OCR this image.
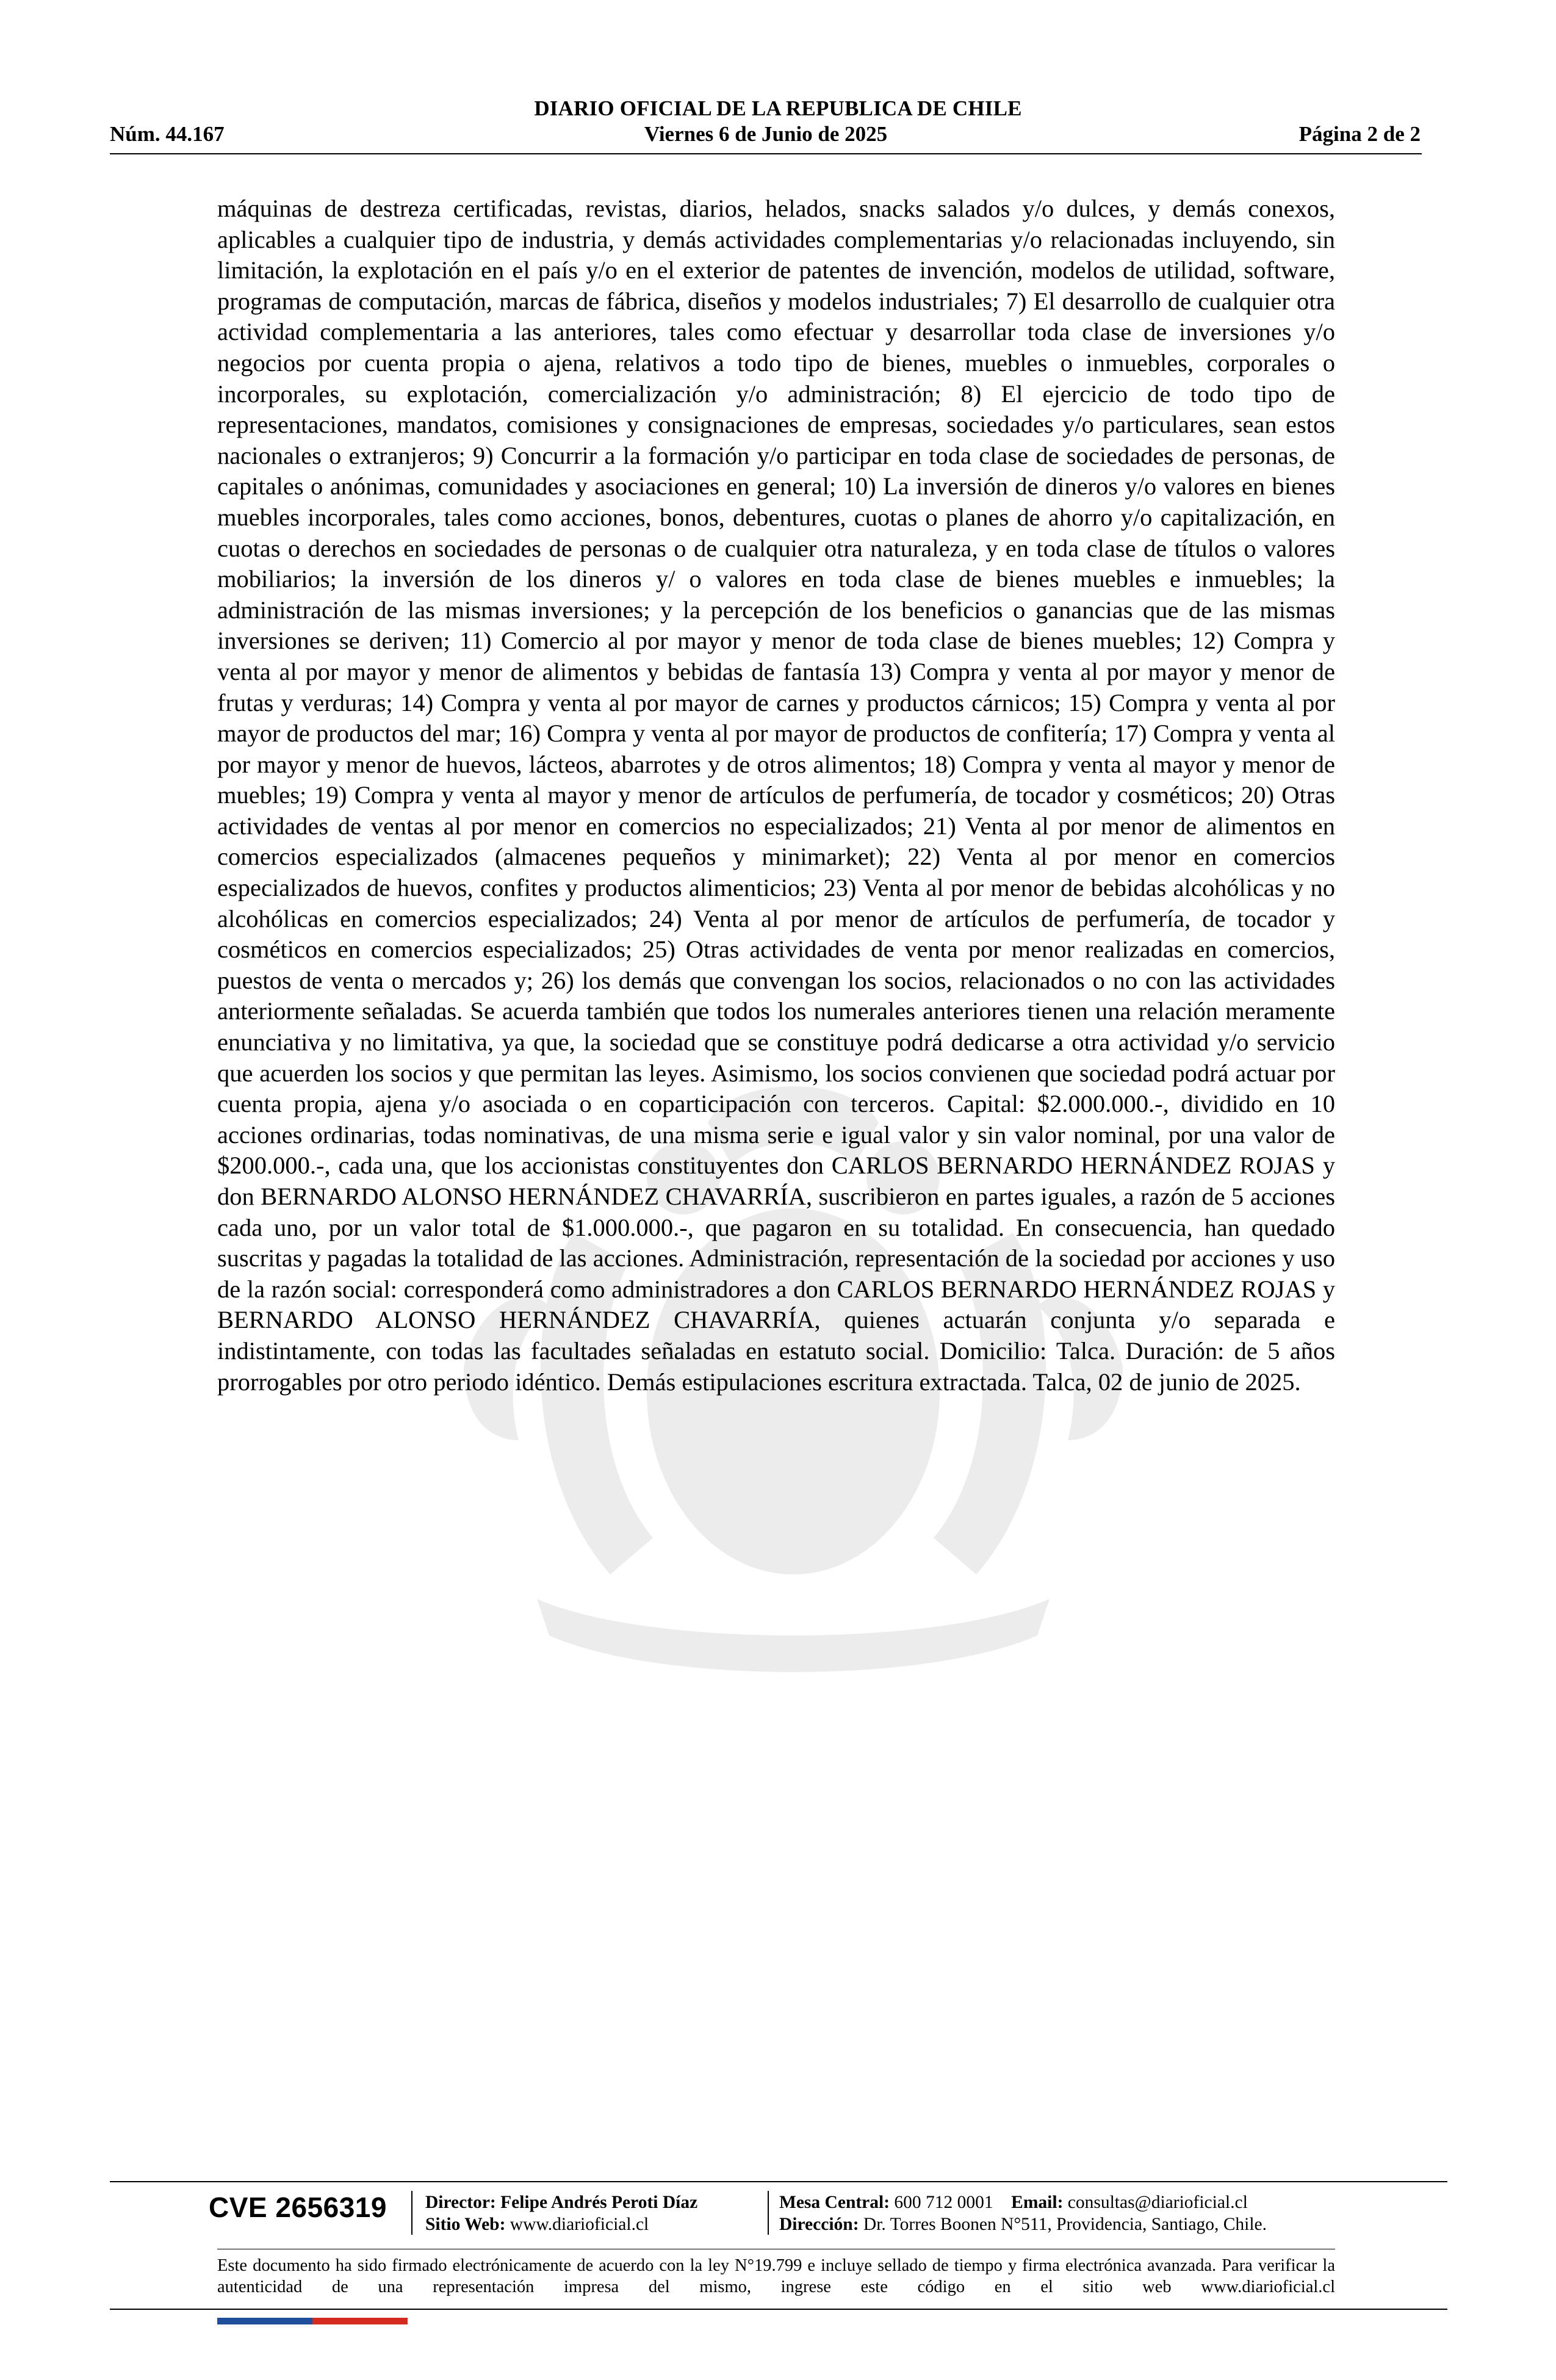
DIARIO OFICIAL DE LA REPUBLICA DE CHILE
Núm. 44.167	Viernes 6 de Junio de 2025	Página 2 de 2
máquinas de destreza certificadas, revistas, diarios, helados, snacks salados y/o dulces, y demás conexos, aplicables a cualquier tipo de industria, y demás actividades complementarias y/o relacionadas incluyendo, sin limitación, la explotación en el país y/o en el exterior de patentes de invención, modelos de utilidad, software, programas de computación, marcas de fábrica, diseños y modelos industriales; 7) El desarrollo de cualquier otra actividad complementaria a las anteriores, tales como efectuar y desarrollar toda clase de inversiones y/o negocios por cuenta propia o ajena, relativos a todo tipo de bienes, muebles o inmuebles, corporales o incorporales, su explotación, comercialización y/o administración; 8) El ejercicio de todo tipo de representaciones, mandatos, comisiones y consignaciones de empresas, sociedades y/o particulares, sean estos nacionales o extranjeros; 9) Concurrir a la formación y/o participar en toda clase de sociedades de personas, de capitales o anónimas, comunidades y asociaciones en general; 10) La inversión de dineros y/o valores en bienes muebles incorporales, tales como acciones, bonos, debentures, cuotas o planes de ahorro y/o capitalización, en cuotas o derechos en sociedades de personas o de cualquier otra naturaleza, y en toda clase de títulos o valores mobiliarios; la inversión de los dineros y/ o valores en toda clase de bienes muebles e inmuebles; la administración de las mismas inversiones; y la percepción de los beneficios o ganancias que de las mismas inversiones se deriven; 11) Comercio al por mayor y menor de toda clase de bienes muebles; 12) Compra y venta al por mayor y menor de alimentos y bebidas de fantasía 13) Compra y venta al por mayor y menor de frutas y verduras; 14) Compra y venta al por mayor de carnes y productos cárnicos; 15) Compra y venta al por mayor de productos del mar; 16) Compra y venta al por mayor de productos de confitería; 17) Compra y venta al por mayor y menor de huevos, lácteos, abarrotes y de otros alimentos; 18) Compra y venta al mayor y menor de muebles; 19) Compra y venta al mayor y menor de artículos de perfumería, de tocador y cosméticos; 20) Otras actividades de ventas al por menor en comercios no especializados; 21) Venta al por menor de alimentos en comercios especializados (almacenes pequeños y minimarket); 22) Venta al por menor en comercios especializados de huevos, confites y productos alimenticios; 23) Venta al por menor de bebidas alcohólicas y no alcohólicas en comercios especializados; 24) Venta al por menor de artículos de perfumería, de tocador y cosméticos en comercios especializados; 25) Otras actividades de venta por menor realizadas en comercios, puestos de venta o mercados y; 26) los demás que convengan los socios, relacionados o no con las actividades anteriormente señaladas. Se acuerda también que todos los numerales anteriores tienen una relación meramente enunciativa y no limitativa, ya que, la sociedad que se constituye podrá dedicarse a otra actividad y/o servicio que acuerden los socios y que permitan las leyes. Asimismo, los socios convienen que sociedad podrá actuar por cuenta propia, ajena y/o asociada o en coparticipación con terceros. Capital: $2.000.000.-, dividido en 10 acciones ordinarias, todas nominativas, de una misma serie e igual valor y sin valor nominal, por una valor de $200.000.-, cada una, que los accionistas constituyentes don CARLOS BERNARDO HERNÁNDEZ ROJAS y don BERNARDO ALONSO HERNÁNDEZ CHAVARRÍA, suscribieron en partes iguales, a razón de 5 acciones cada uno, por un valor total de $1.000.000.-, que pagaron en su totalidad. En consecuencia, han quedado suscritas y pagadas la totalidad de las acciones. Administración, representación de la sociedad por acciones y uso de la razón social: corresponderá como administradores a don CARLOS BERNARDO HERNÁNDEZ ROJAS y BERNARDO ALONSO HERNÁNDEZ CHAVARRÍA, quienes actuarán conjunta y/o separada e indistintamente, con todas las facultades señaladas en estatuto social. Domicilio: Talca. Duración: de 5 años prorrogables por otro periodo idéntico. Demás estipulaciones escritura extractada. Talca, 02 de junio de 2025.
CVE 2656319 Director: Felipe Andrés Peroti Díaz
Sitio Web: www.diarioficial.cl
Mesa Central: 600 712 0001 Email: consultas@diarioficial.cl
Dirección: Dr. Torres Boonen N°511, Providencia, Santiago, Chile.
Este documento ha sido firmado electrónicamente de acuerdo con la ley N°19.799 e incluye sellado de tiempo y firma electrónica avanzada. Para verificar la autenticidad de una representación impresa del mismo, ingrese este código en el sitio web www.diarioficial.cl
